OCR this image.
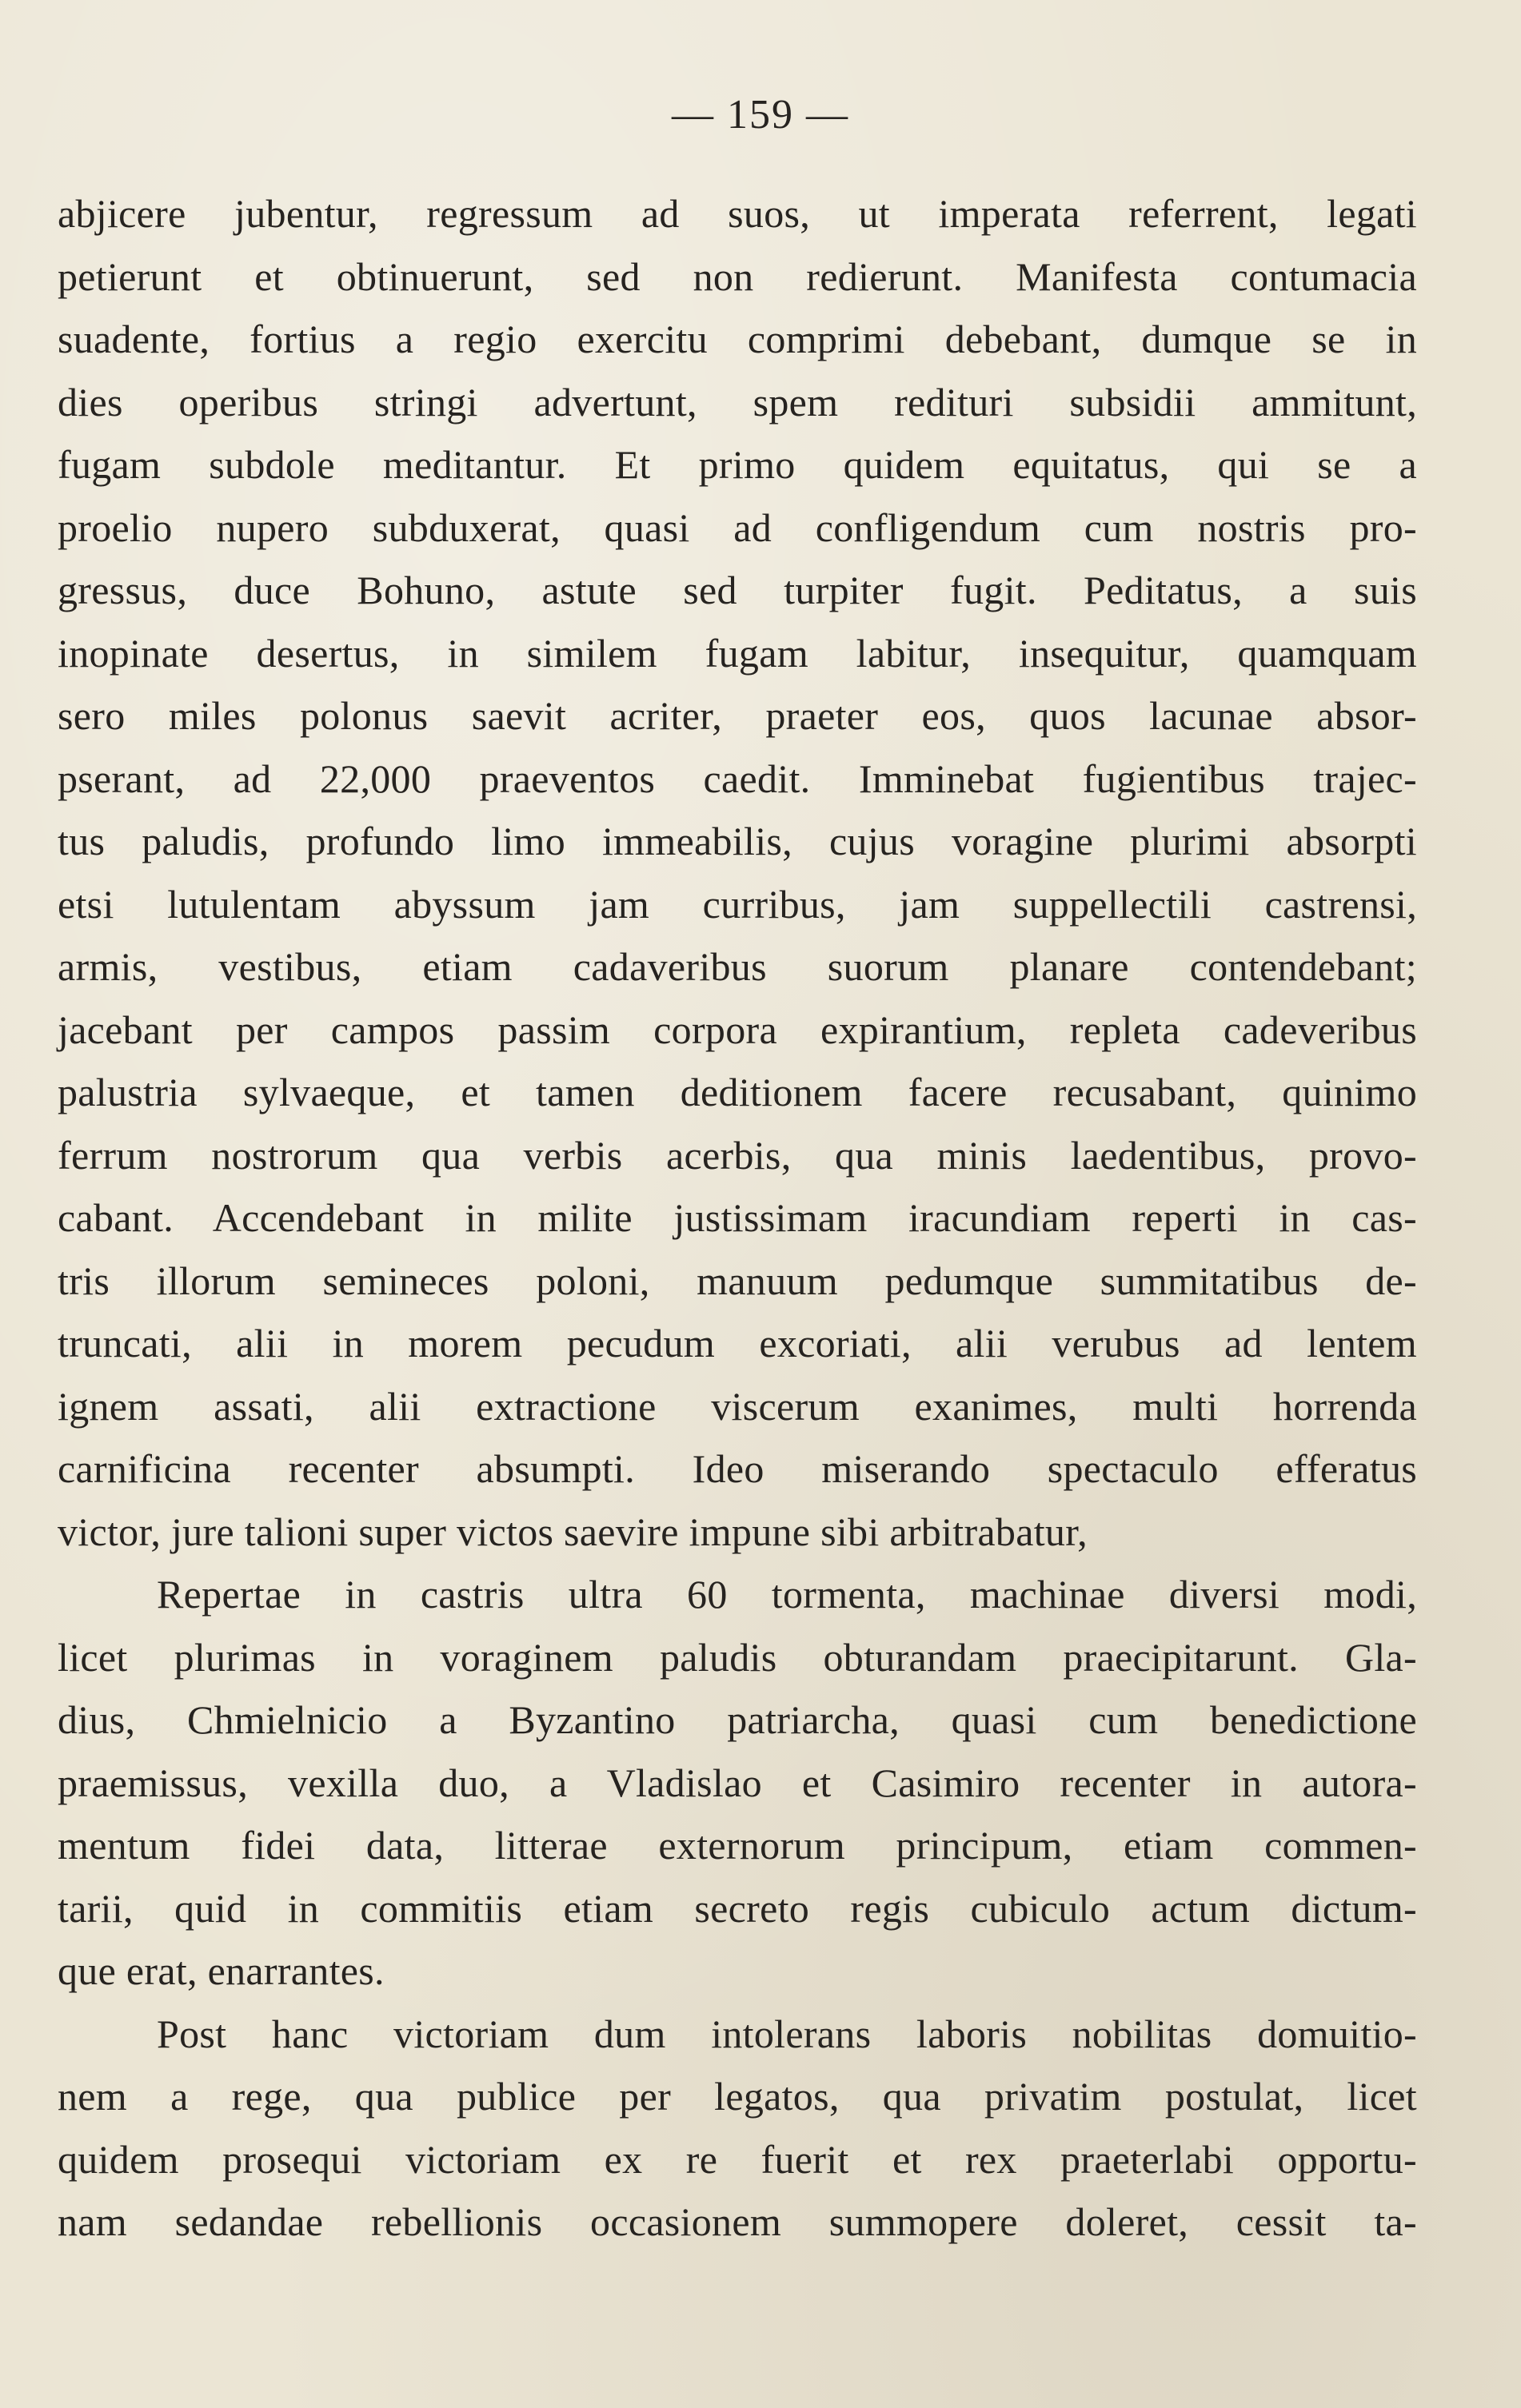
— 159 —
abjicere jubentur, regressum ad suos, ut imperata referrent, legati
petierunt et obtinuerunt, sed non redierunt. Manifesta contumacia
suadente, fortius a regio exercitu comprimi debebant, dumque se in
dies operibus stringi advertunt, spem redituri subsidii ammitunt,
fugam subdole meditantur. Et primo quidem equitatus, qui se a
proelio nupero subduxerat, quasi ad confligendum cum nostris pro-
gressus, duce Bohuno, astute sed turpiter fugit. Peditatus, a suis
inopinate desertus, in similem fugam labitur, insequitur, quamquam
sero miles polonus saevit acriter, praeter eos, quos lacunae absor-
pserant, ad 22,000 praeventos caedit. Imminebat fugientibus trajec-
tus paludis, profundo limo immeabilis, cujus voragine plurimi absorpti
etsi lutulentam abyssum jam curribus, jam suppellectili castrensi,
armis, vestibus, etiam cadaveribus suorum planare contendebant;
jacebant per campos passim corpora expirantium, repleta cadeveribus
palustria sylvaeque, et tamen deditionem facere recusabant, quinimo
ferrum nostrorum qua verbis acerbis, qua minis laedentibus, provo-
cabant. Accendebant in milite justissimam iracundiam reperti in cas-
tris illorum semineces poloni, manuum pedumque summitatibus de-
truncati, alii in morem pecudum excoriati, alii verubus ad lentem
ignem assati, alii extractione viscerum exanimes, multi horrenda
carnificina recenter absumpti. Ideo miserando spectaculo efferatus
victor, jure talioni super victos saevire impune sibi arbitrabatur,
Repertae in castris ultra 60 tormenta, machinae diversi modi,
licet plurimas in voraginem paludis obturandam praecipitarunt. Gla-
dius, Chmielnicio a Byzantino patriarcha, quasi cum benedictione
praemissus, vexilla duo, a Vladislao et Casimiro recenter in autora-
mentum fidei data, litterae externorum principum, etiam commen-
tarii, quid in commitiis etiam secreto regis cubiculo actum dictum-
que erat, enarrantes.
Post hanc victoriam dum intolerans laboris nobilitas domuitio-
nem a rege, qua publice per legatos, qua privatim postulat, licet
quidem prosequi victoriam ex re fuerit et rex praeterlabi opportu-
nam sedandae rebellionis occasionem summopere doleret, cessit ta-
